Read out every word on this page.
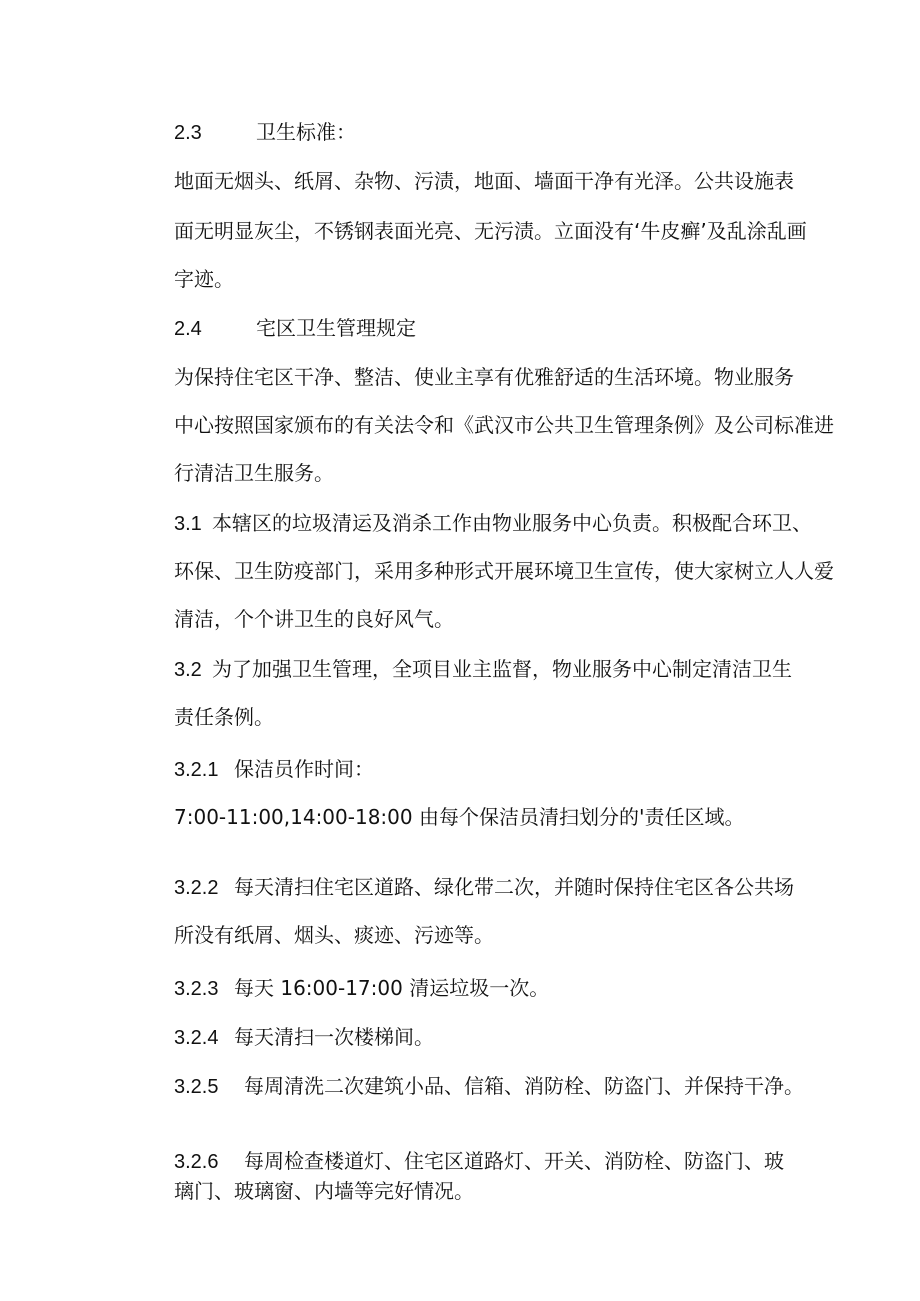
2.3	卫生标准：

地面无烟头、纸屑、杂物、污渍，地面、墙面干净有光泽。公共设施表

面无明显灰尘，不锈钢表面光亮、无污渍。立面没有‘牛皮癣’及乱涂乱画

字迹。

2.4	宅区卫生管理规定

为保持住宅区干净、整洁、使业主享有优雅舒适的生活环境。物业服务

中心按照国家颁布的有关法令和《武汉市公共卫生管理条例》及公司标准进

行清洁卫生服务。

3.1 本辖区的垃圾清运及消杀工作由物业服务中心负责。积极配合环卫、

环保、卫生防疫部门，采用多种形式开展环境卫生宣传，使大家树立人人爱

清洁，个个讲卫生的良好风气。

3.2 为了加强卫生管理，全项目业主监督，物业服务中心制定清洁卫生

责任条例。

3.2.1 保洁员作时间：

7:00-11:00,14:00-18:00 由每个保洁员清扫划分的'责任区域。

3.2.2 每天清扫住宅区道路、绿化带二次，并随时保持住宅区各公共场

所没有纸屑、烟头、痰迹、污迹等。

3.2.3 每天 16:00-17:00 清运垃圾一次。

3.2.4 每天清扫一次楼梯间。

3.2.5 每周清洗二次建筑小品、信箱、消防栓、防盗门、并保持干净。

3.2.6 每周检查楼道灯、住宅区道路灯、开关、消防栓、防盗门、玻

璃门、玻璃窗、内墙等完好情况。
